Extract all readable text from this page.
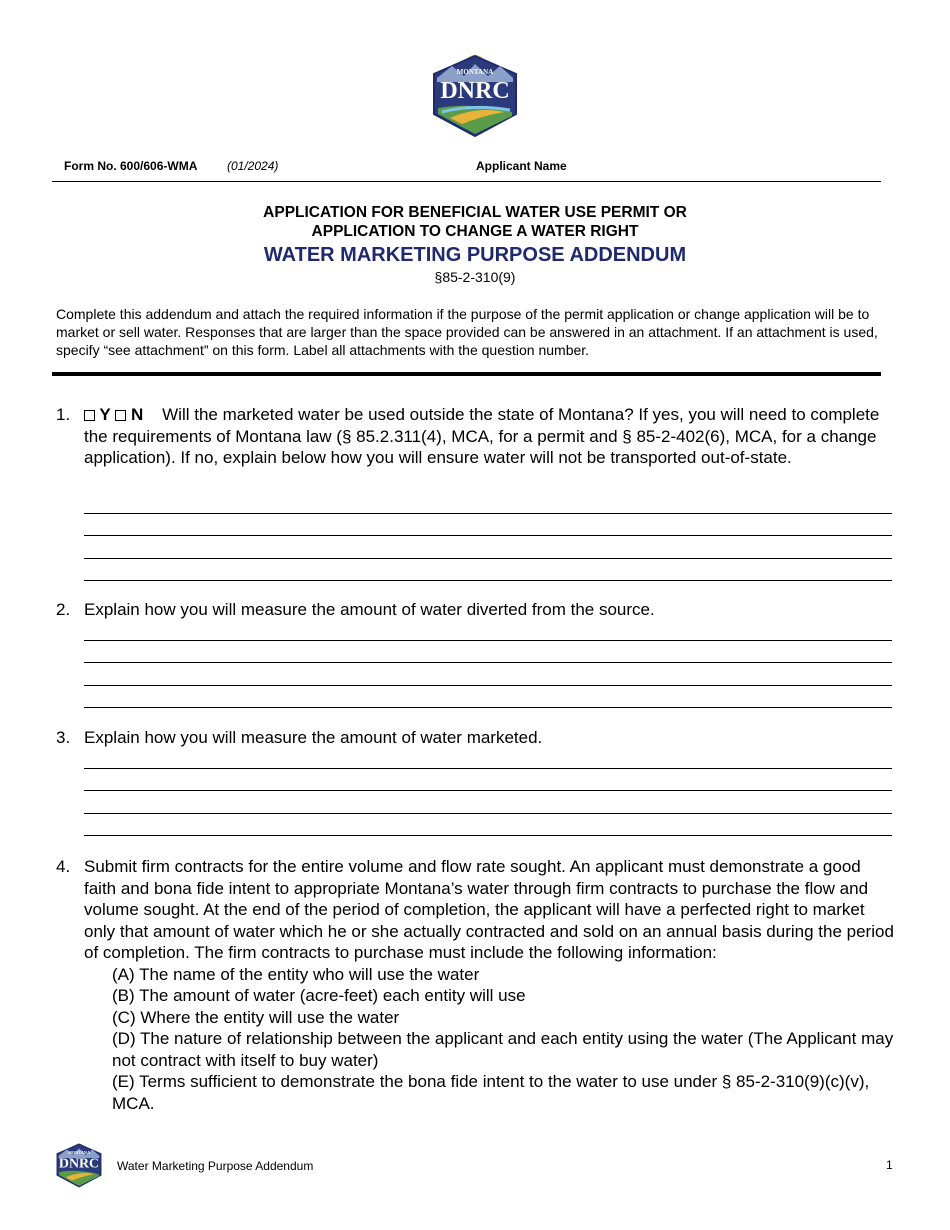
MONTANA
DNRC
Form No. 600/606-WMA (01/2024)	Applicant Name
APPLICATION FOR BENEFICIAL WATER USE PERMIT OR
APPLICATION TO CHANGE A WATER RIGHT
WATER MARKETING PURPOSE ADDENDUM
§85-2-310(9)
Complete this addendum and attach the required information if the purpose of the permit application or change application will be to market or sell water. Responses that are larger than the space provided can be answered in an attachment. If an attachment is used, specify “see attachment” on this form. Label all attachments with the question number.
1.	Y N Will the marketed water be used outside the state of Montana? If yes, you will need to complete the requirements of Montana law (§ 85.2.311(4), MCA, for a permit and § 85-2-402(6), MCA, for a change application). If no, explain below how you will ensure water will not be transported out-of-state.
2. Explain how you will measure the amount of water diverted from the source.
3. Explain how you will measure the amount of water marketed.
4. Submit firm contracts for the entire volume and flow rate sought. An applicant must demonstrate a good faith and bona fide intent to appropriate Montana’s water through firm contracts to purchase the flow and volume sought. At the end of the period of completion, the applicant will have a perfected right to market only that amount of water which he or she actually contracted and sold on an annual basis during the period of completion. The firm contracts to purchase must include the following information:
(A) The name of the entity who will use the water
(B) The amount of water (acre-feet) each entity will use
(C) Where the entity will use the water
(D) The nature of relationship between the applicant and each entity using the water (The Applicant may not contract with itself to buy water)
(E) Terms sufficient to demonstrate the bona fide intent to the water to use under § 85-2-310(9)(c)(v), MCA.
MONTANA
DNRC Water Marketing Purpose Addendum	1
